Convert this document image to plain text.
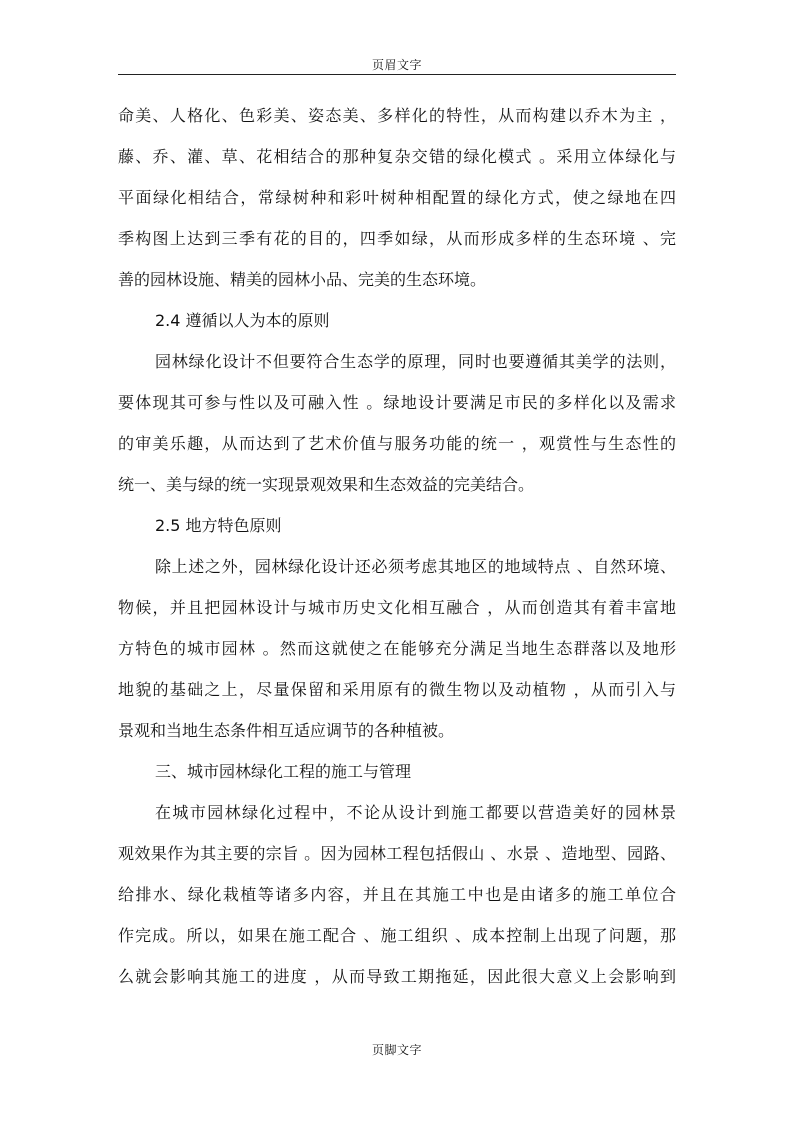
页眉文字
命美、人格化、色彩美、姿态美、多样化的特性，从而构建以乔木为主 ，
藤、乔、灌、草、花相结合的那种复杂交错的绿化模式 。采用立体绿化与
平面绿化相结合，常绿树种和彩叶树种相配置的绿化方式，使之绿地在四
季构图上达到三季有花的目的，四季如绿，从而形成多样的生态环境 、完
善的园林设施、精美的园林小品、完美的生态环境。
2.4 遵循以人为本的原则
园林绿化设计不但要符合生态学的原理，同时也要遵循其美学的法则，
要体现其可参与性以及可融入性 。绿地设计要满足市民的多样化以及需求
的审美乐趣，从而达到了艺术价值与服务功能的统一 ，观赏性与生态性的
统一、美与绿的统一实现景观效果和生态效益的完美结合。
2.5 地方特色原则
除上述之外，园林绿化设计还必须考虑其地区的地域特点 、自然环境、
物候，并且把园林设计与城市历史文化相互融合 ，从而创造其有着丰富地
方特色的城市园林 。然而这就使之在能够充分满足当地生态群落以及地形
地貌的基础之上，尽量保留和采用原有的微生物以及动植物 ，从而引入与
景观和当地生态条件相互适应调节的各种植被。
三、城市园林绿化工程的施工与管理
在城市园林绿化过程中，不论从设计到施工都要以营造美好的园林景
观效果作为其主要的宗旨 。因为园林工程包括假山 、水景 、造地型、园路、
给排水、绿化栽植等诸多内容，并且在其施工中也是由诸多的施工单位合
作完成。所以，如果在施工配合 、施工组织 、成本控制上出现了问题，那
么就会影响其施工的进度 ，从而导致工期拖延，因此很大意义上会影响到
页脚文字
